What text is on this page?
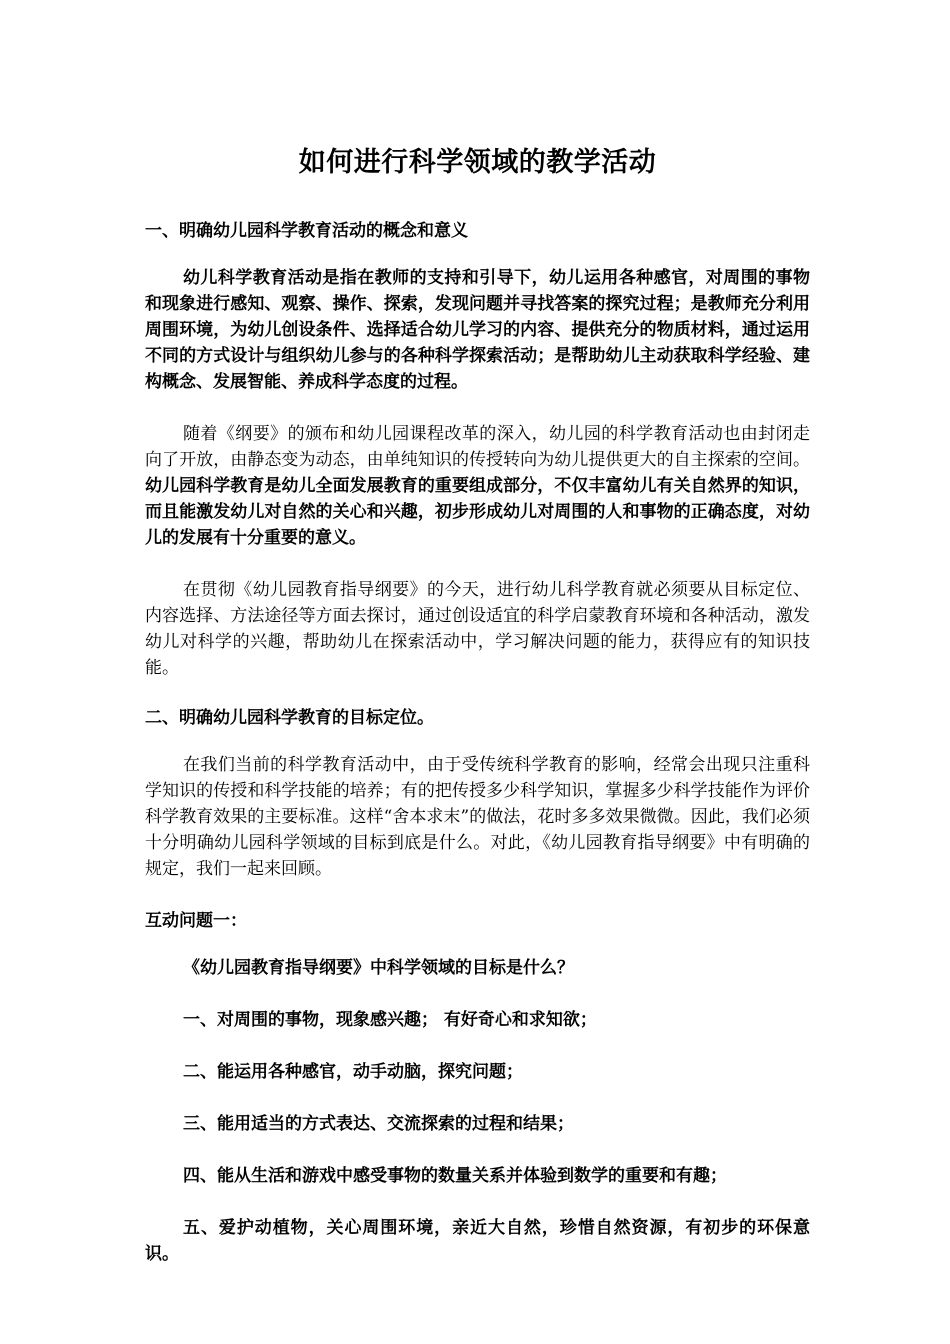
如何进行科学领域的教学活动
一、明确幼儿园科学教育活动的概念和意义

幼儿科学教育活动是指在教师的支持和引导下，幼儿运用各种感官，对周围的事物和现象进行感知、观察、操作、探索，发现问题并寻找答案的探究过程；是教师充分利用周围环境，为幼儿创设条件、选择适合幼儿学习的内容、提供充分的物质材料，通过运用不同的方式设计与组织幼儿参与的各种科学探索活动；是帮助幼儿主动获取科学经验、建构概念、发展智能、养成科学态度的过程。

随着《纲要》的颁布和幼儿园课程改革的深入，幼儿园的科学教育活动也由封闭走向了开放，由静态变为动态，由单纯知识的传授转向为幼儿提供更大的自主探索的空间。幼儿园科学教育是幼儿全面发展教育的重要组成部分，不仅丰富幼儿有关自然界的知识，而且能激发幼儿对自然的关心和兴趣，初步形成幼儿对周围的人和事物的正确态度，对幼儿的发展有十分重要的意义。

在贯彻《幼儿园教育指导纲要》的今天，进行幼儿科学教育就必须要从目标定位、内容选择、方法途径等方面去探讨，通过创设适宜的科学启蒙教育环境和各种活动，激发幼儿对科学的兴趣，帮助幼儿在探索活动中，学习解决问题的能力，获得应有的知识技能。

二、明确幼儿园科学教育的目标定位。

在我们当前的科学教育活动中，由于受传统科学教育的影响，经常会出现只注重科学知识的传授和科学技能的培养；有的把传授多少科学知识，掌握多少科学技能作为评价科学教育效果的主要标准。这样“舍本求末”的做法，花时多多效果微微。因此，我们必须十分明确幼儿园科学领域的目标到底是什么。对此，《幼儿园教育指导纲要》中有明确的规定，我们一起来回顾。

互动问题一：

《幼儿园教育指导纲要》中科学领域的目标是什么？

一、对周围的事物，现象感兴趣； 有好奇心和求知欲；

二、能运用各种感官，动手动脑，探究问题；

三、能用适当的方式表达、交流探索的过程和结果；

四、能从生活和游戏中感受事物的数量关系并体验到数学的重要和有趣；

五、爱护动植物，关心周围环境，亲近大自然，珍惜自然资源，有初步的环保意识。
